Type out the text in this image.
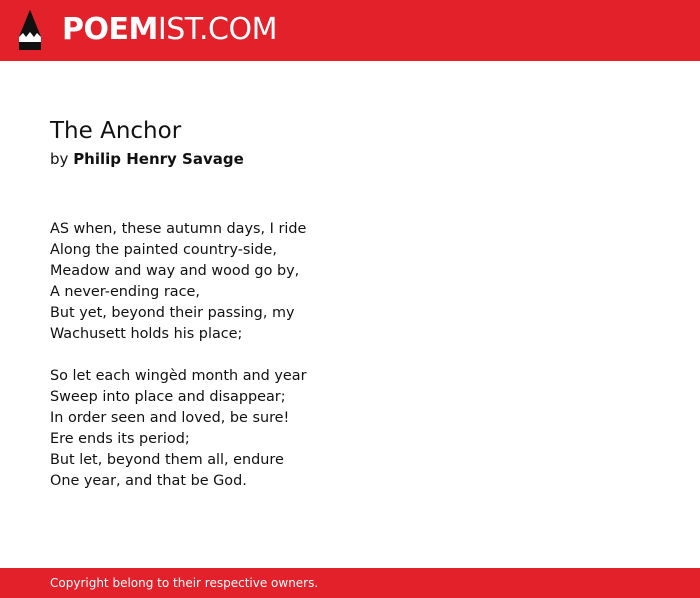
POEMIST.COM
The Anchor
by Philip Henry Savage
AS when, these autumn days, I ride
Along the painted country-side,
Meadow and way and wood go by,
A never-ending race,
But yet, beyond their passing, my
Wachusett holds his place;
So let each wingèd month and year
Sweep into place and disappear;
In order seen and loved, be sure!
Ere ends its period;
But let, beyond them all, endure
One year, and that be God.
Copyright belong to their respective owners.
